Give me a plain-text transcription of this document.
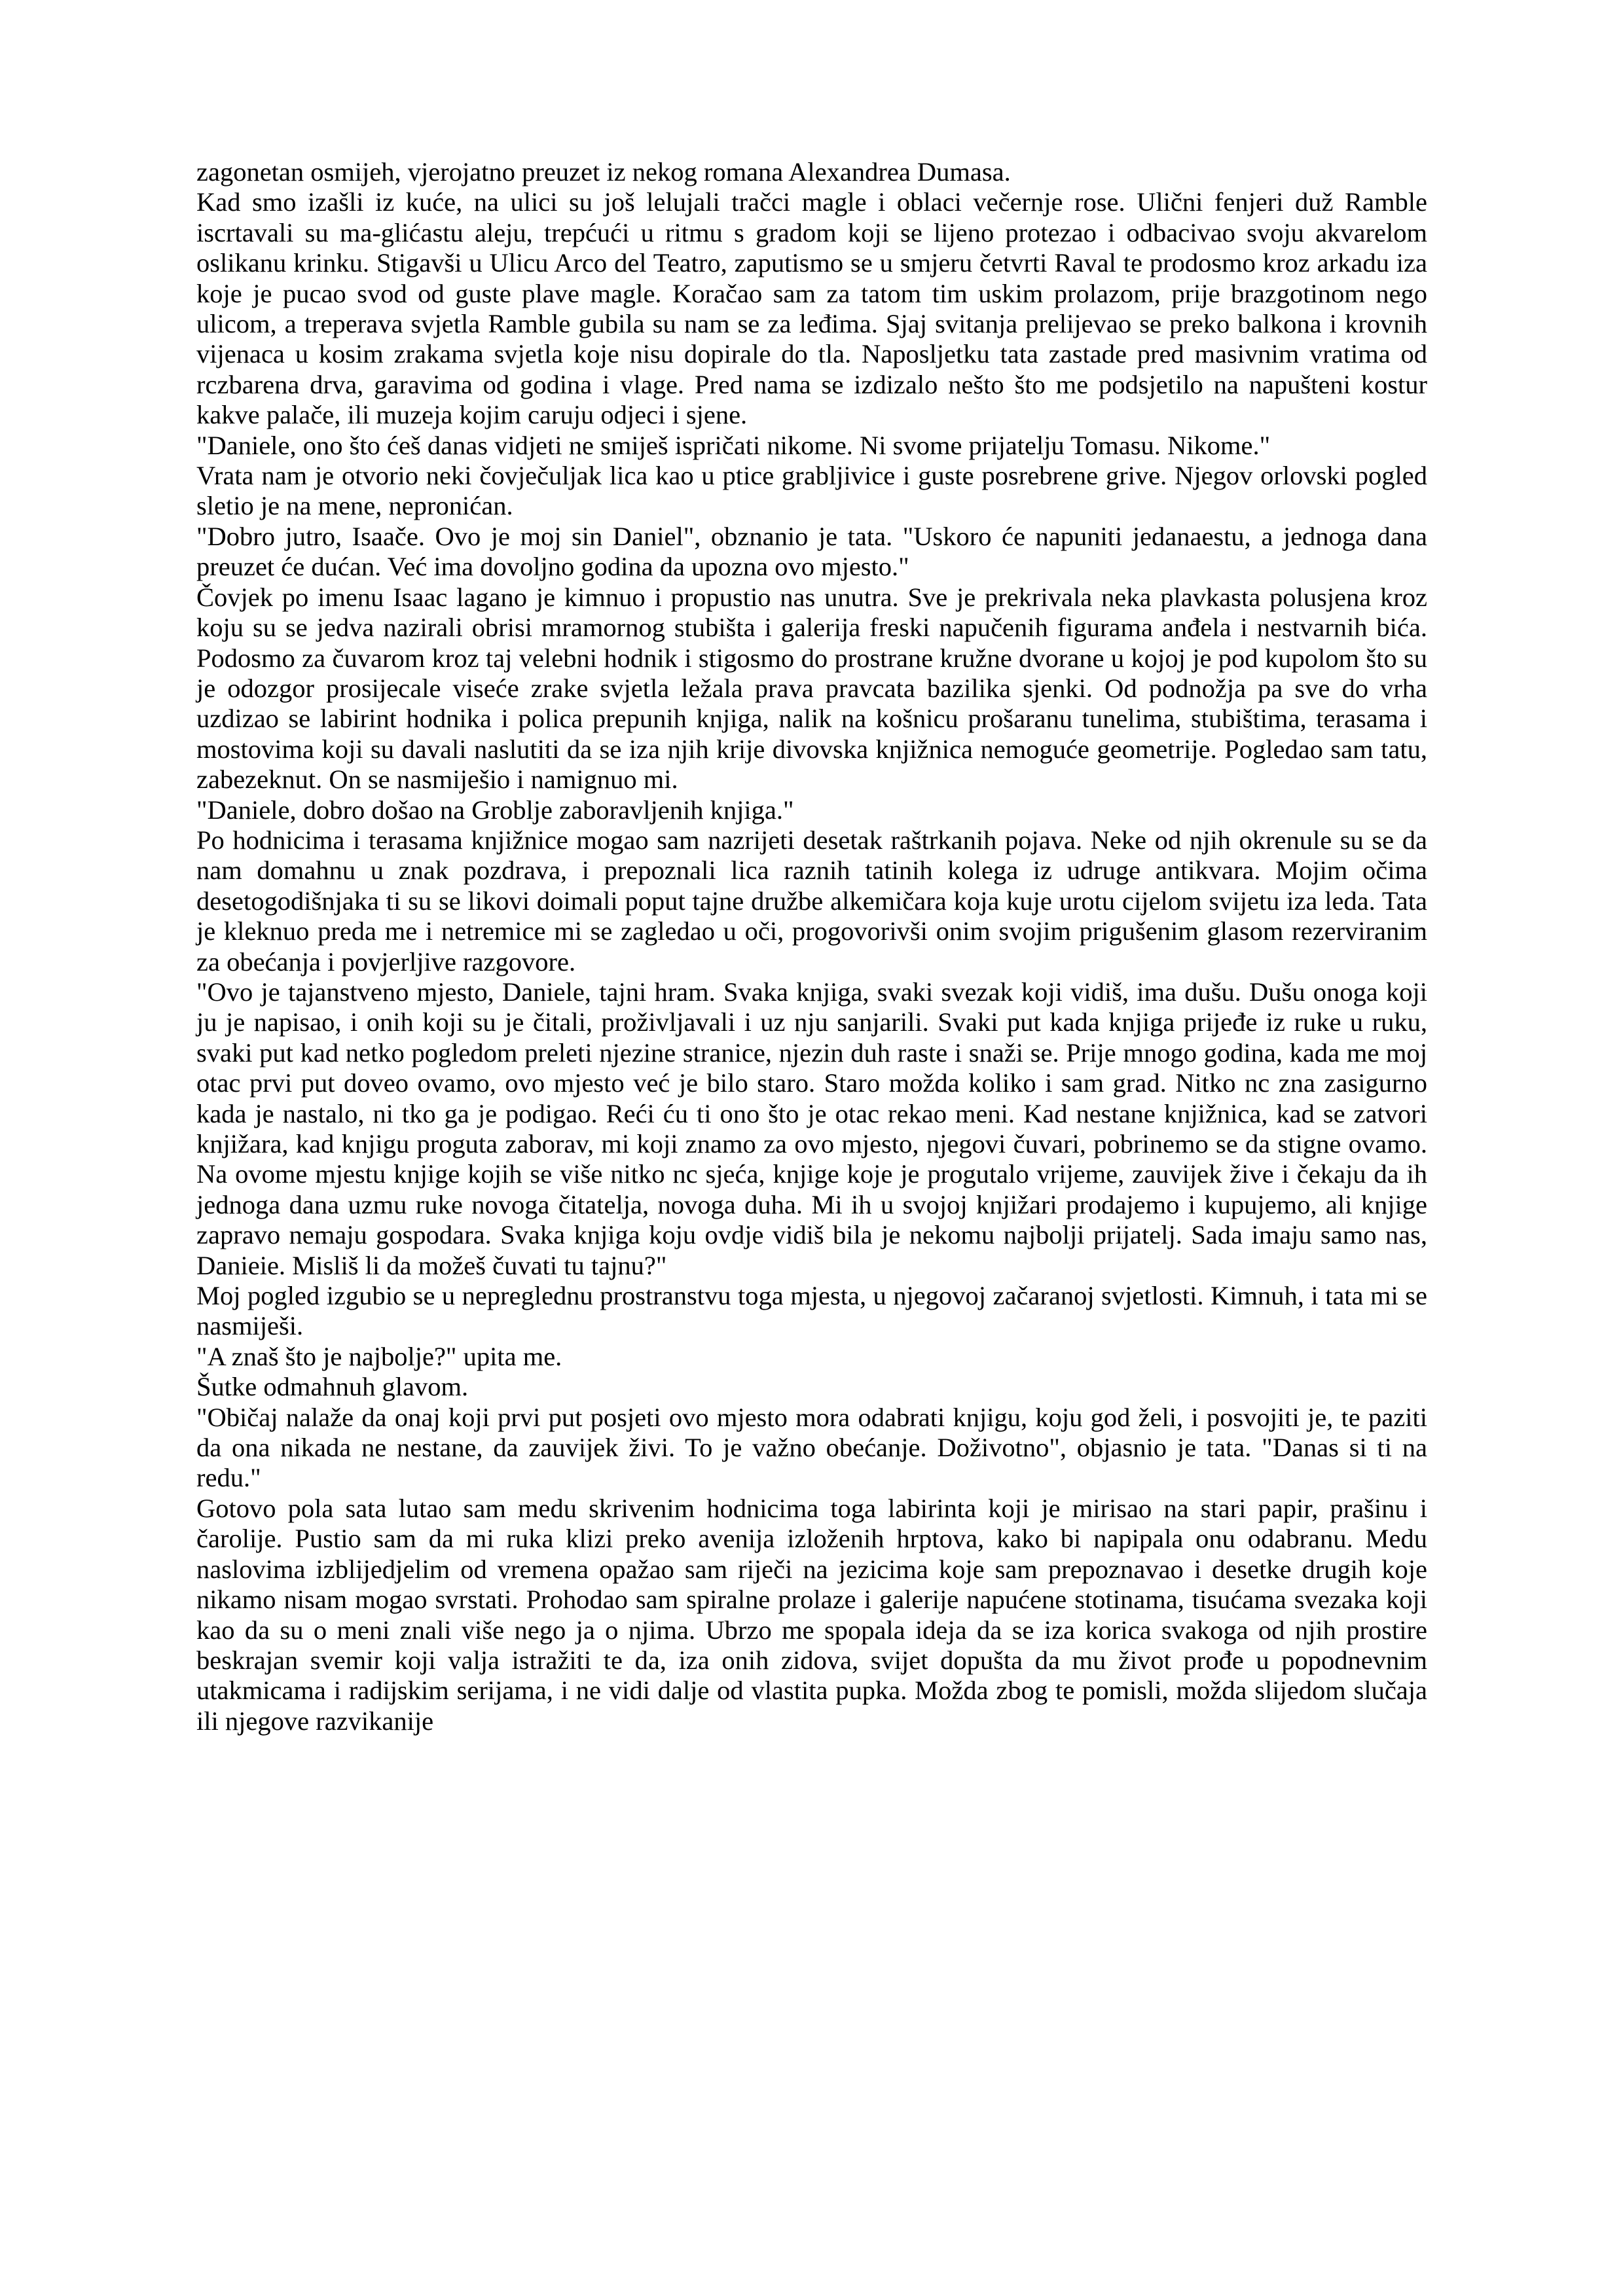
zagonetan osmijeh, vjerojatno preuzet iz nekog romana Alexandrea Dumasa.

Kad smo izašli iz kuće, na ulici su još lelujali tračci magle i oblaci večernje rose. Ulični fenjeri duž Ramble iscrtavali su ma-glićastu aleju, trepćući u ritmu s gradom koji se lijeno protezao i odbacivao svoju akvarelom oslikanu krinku. Stigavši u Ulicu Arco del Teatro, zaputismo se u smjeru četvrti Raval te prodosmo kroz arkadu iza koje je pucao svod od guste plave magle. Koračao sam za tatom tim uskim prolazom, prije brazgotinom nego ulicom, a treperava svjetla Ramble gubila su nam se za leđima. Sjaj svitanja prelijevao se preko balkona i krovnih vijenaca u kosim zrakama svjetla koje nisu dopirale do tla. Naposljetku tata zastade pred masivnim vratima od rczbarena drva, garavima od godina i vlage. Pred nama se izdizalo nešto što me podsjetilo na napušteni kostur kakve palače, ili muzeja kojim caruju odjeci i sjene.

"Daniele, ono što ćeš danas vidjeti ne smiješ ispričati nikome. Ni svome prijatelju Tomasu. Nikome."

Vrata nam je otvorio neki čovječuljak lica kao u ptice grabljivice i guste posrebrene grive. Njegov orlovski pogled sletio je na mene, nepronićan.

"Dobro jutro, Isaače. Ovo je moj sin Daniel", obznanio je tata. "Uskoro će napuniti jedanaestu, a jednoga dana preuzet će dućan. Već ima dovoljno godina da upozna ovo mjesto."

Čovjek po imenu Isaac lagano je kimnuo i propustio nas unutra. Sve je prekrivala neka plavkasta polusjena kroz koju su se jedva nazirali obrisi mramornog stubišta i galerija freski napučenih figurama anđela i nestvarnih bića. Podosmo za čuvarom kroz taj velebni hodnik i stigosmo do prostrane kružne dvorane u kojoj je pod kupolom što su je odozgor prosijecale viseće zrake svjetla ležala prava pravcata bazilika sjenki. Od podnožja pa sve do vrha uzdizao se labirint hodnika i polica prepunih knjiga, nalik na košnicu prošaranu tunelima, stubištima, terasama i mostovima koji su davali naslutiti da se iza njih krije divovska knjižnica nemoguće geometrije. Pogledao sam tatu, zabezeknut. On se nasmiješio i namignuo mi.

"Daniele, dobro došao na Groblje zaboravljenih knjiga."

Po hodnicima i terasama knjižnice mogao sam nazrijeti desetak raštrkanih pojava. Neke od njih okrenule su se da nam domahnu u znak pozdrava, i prepoznali lica raznih tatinih kolega iz udruge antikvara. Mojim očima desetogodišnjaka ti su se likovi doimali poput tajne družbe alkemičara koja kuje urotu cijelom svijetu iza leda. Tata je kleknuo preda me i netremice mi se zagledao u oči, progovorivši onim svojim prigušenim glasom rezerviranim za obećanja i povjerljive razgovore.

"Ovo je tajanstveno mjesto, Daniele, tajni hram. Svaka knjiga, svaki svezak koji vidiš, ima dušu. Dušu onoga koji ju je napisao, i onih koji su je čitali, proživljavali i uz nju sanjarili. Svaki put kada knjiga prijeđe iz ruke u ruku, svaki put kad netko pogledom preleti njezine stranice, njezin duh raste i snaži se. Prije mnogo godina, kada me moj otac prvi put doveo ovamo, ovo mjesto već je bilo staro. Staro možda koliko i sam grad. Nitko nc zna zasigurno kada je nastalo, ni tko ga je podigao. Reći ću ti ono što je otac rekao meni. Kad nestane knjižnica, kad se zatvori knjižara, kad knjigu proguta zaborav, mi koji znamo za ovo mjesto, njegovi čuvari, pobrinemo se da stigne ovamo. Na ovome mjestu knjige kojih se više nitko nc sjeća, knjige koje je progutalo vrijeme, zauvijek žive i čekaju da ih jednoga dana uzmu ruke novoga čitatelja, novoga duha. Mi ih u svojoj knjižari prodajemo i kupujemo, ali knjige zapravo nemaju gospodara. Svaka knjiga koju ovdje vidiš bila je nekomu najbolji prijatelj. Sada imaju samo nas, Danieie. Misliš li da možeš čuvati tu tajnu?"

Moj pogled izgubio se u nepreglednu prostranstvu toga mjesta, u njegovoj začaranoj svjetlosti. Kimnuh, i tata mi se nasmiješi.

"A znaš što je najbolje?" upita me.

Šutke odmahnuh glavom.

"Običaj nalaže da onaj koji prvi put posjeti ovo mjesto mora odabrati knjigu, koju god želi, i posvojiti je, te paziti da ona nikada ne nestane, da zauvijek živi. To je važno obećanje. Doživotno", objasnio je tata. "Danas si ti na redu."

Gotovo pola sata lutao sam medu skrivenim hodnicima toga labirinta koji je mirisao na stari papir, prašinu i čarolije. Pustio sam da mi ruka klizi preko avenija izloženih hrptova, kako bi napipala onu odabranu. Medu naslovima izblijedjelim od vremena opažao sam riječi na jezicima koje sam prepoznavao i desetke drugih koje nikamo nisam mogao svrstati. Prohodao sam spiralne prolaze i galerije napućene stotinama, tisućama svezaka koji kao da su o meni znali više nego ja o njima. Ubrzo me spopala ideja da se iza korica svakoga od njih prostire beskrajan svemir koji valja istražiti te da, iza onih zidova, svijet dopušta da mu život prođe u popodnevnim utakmicama i radijskim serijama, i ne vidi dalje od vlastita pupka. Možda zbog te pomisli, možda slijedom slučaja ili njegove razvikanije
